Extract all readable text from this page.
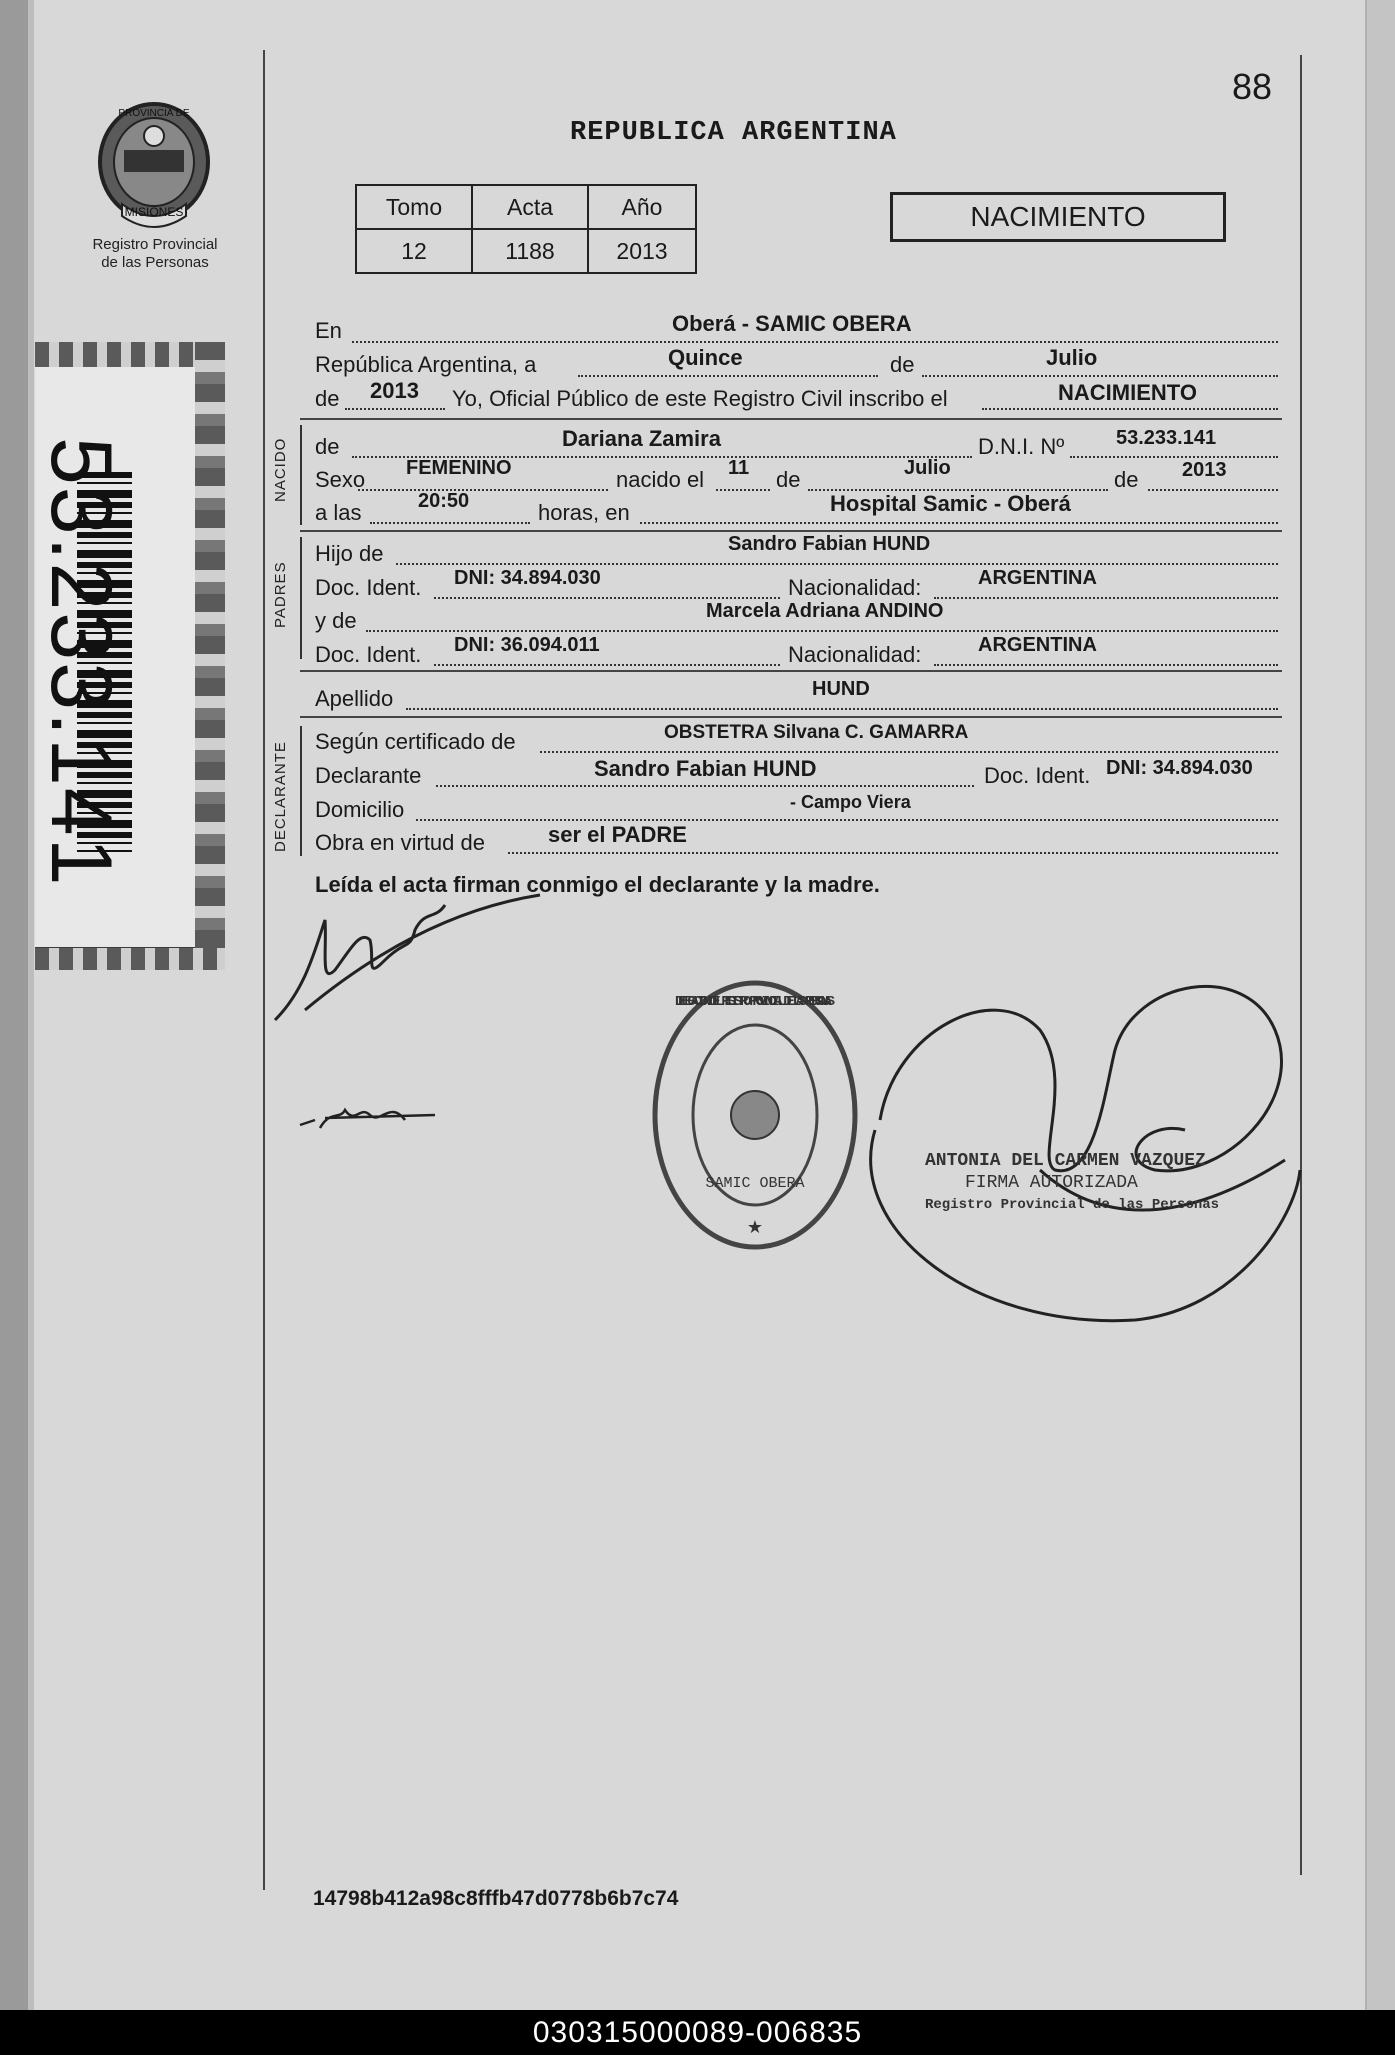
88
REPUBLICA ARGENTINA
MISIONES
PROVINCIA DE
Registro Provincial
de las Personas
Tomo	Acta	Año
12	1188	2013
NACIMIENTO
53.233.141
En	Oberá - SAMIC OBERA
República Argentina, a	Quince	de	Julio
de 2013 Yo, Oficial Público de este Registro Civil inscribo el	NACIMIENTO
NACIDO de	Dariana Zamira	D.N.I. Nº	53.233.141
Sexo FEMENINO	nacido el 11 de	Julio	de 2013
a las	20:50	horas, en	Hospital Samic - Oberá
PADRES
Hijo de	Sandro Fabian HUND
Doc. Ident. DNI: 34.894.030	Nacionalidad:	ARGENTINA
y de	Marcela Adriana ANDINO
Doc. Ident. DNI: 36.094.011	Nacionalidad:	ARGENTINA
Apellido	HUND
DECLARANTE Según certificado de	OBSTETRA Silvana C. GAMARRA
Declarante	Sandro Fabian HUND	Doc. Ident. DNI: 34.894.030
Domicilio	- Campo Viera
Obra en virtud de	ser el PADRE
Leída el acta firman conmigo el declarante y la madre.
DELEGACION DEL REGISTRO PROVINCIAL DE LAS PERSONAS
SAMIC OBERA
★
ANTONIA DEL CARMEN VAZQUEZ
FIRMA AUTORIZADA
Registro Provincial de las Personas
14798b412a98c8fffb47d0778b6b7c74
030315000089-006835
